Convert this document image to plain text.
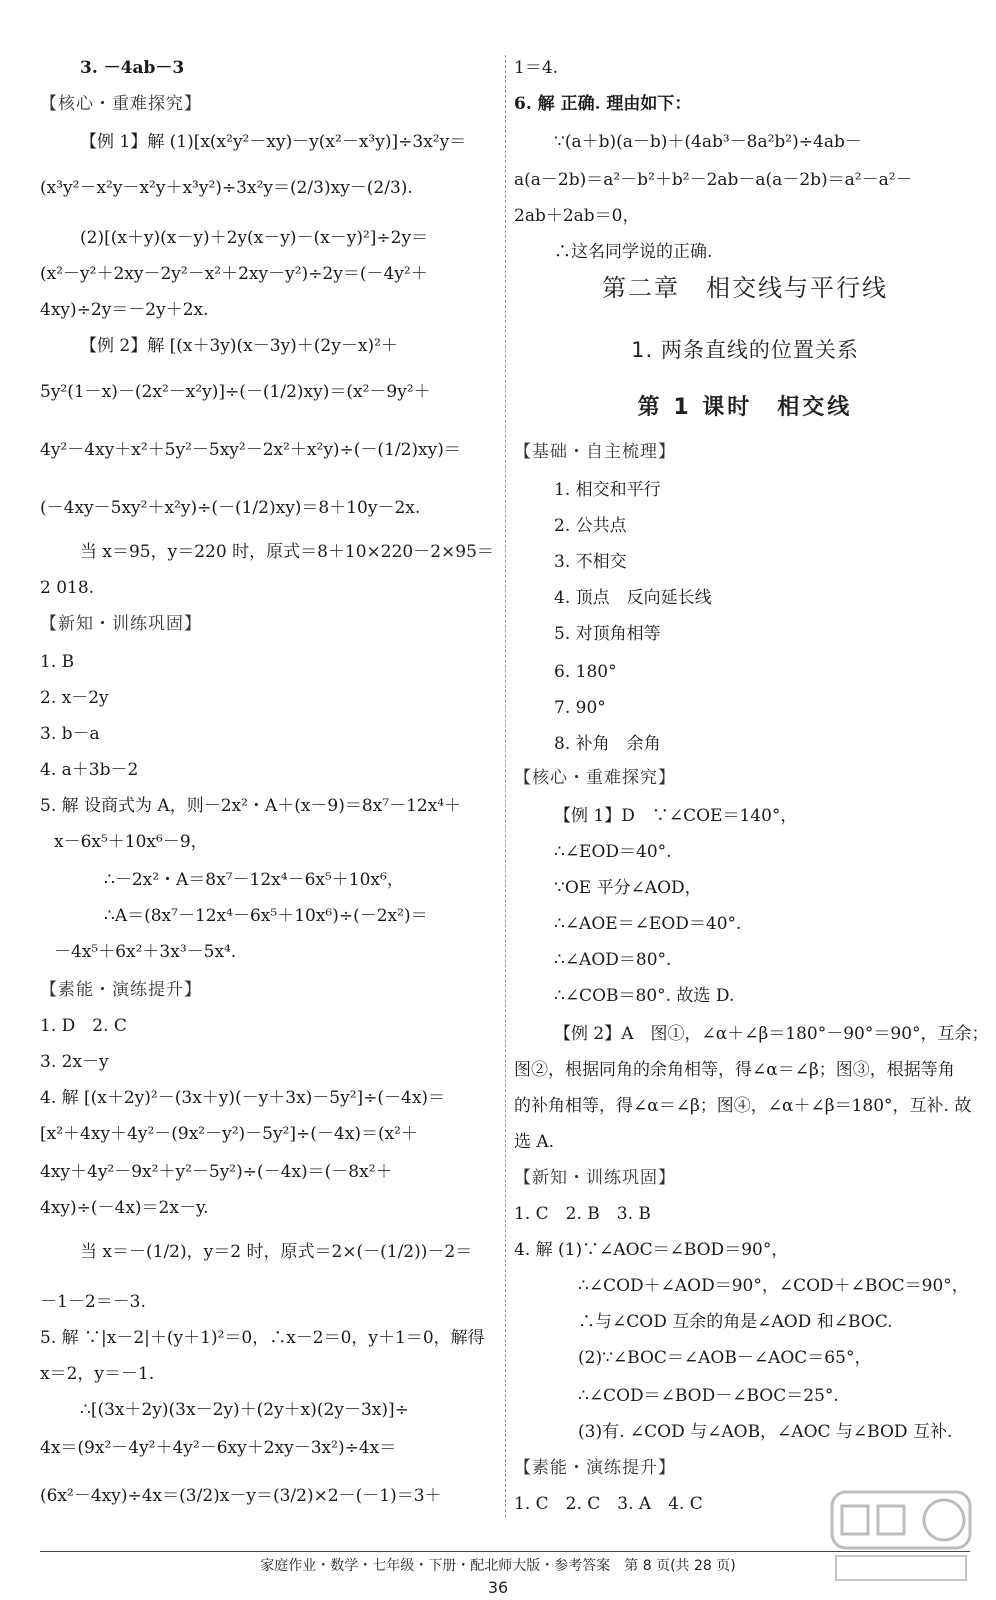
3. －4ab－3
【核心・重难探究】
【例 1】解 (1)[x(x²y²－xy)－y(x²－x³y)]÷3x²y＝
(x³y²－x²y－x²y＋x³y²)÷3x²y＝(2/3)xy－(2/3).
(2)[(x＋y)(x－y)＋2y(x－y)－(x－y)²]÷2y＝
(x²－y²＋2xy－2y²－x²＋2xy－y²)÷2y＝(－4y²＋
4xy)÷2y＝－2y＋2x.
【例 2】解 [(x＋3y)(x－3y)＋(2y－x)²＋
5y²(1－x)－(2x²－x²y)]÷(－(1/2)xy)＝(x²－9y²＋
4y²－4xy＋x²＋5y²－5xy²－2x²＋x²y)÷(－(1/2)xy)＝
(－4xy－5xy²＋x²y)÷(－(1/2)xy)＝8＋10y－2x.
当 x＝95，y＝220 时，原式＝8＋10×220－2×95＝
2 018.
【新知・训练巩固】
1. B
2. x－2y
3. b－a
4. a＋3b－2
5. 解 设商式为 A，则－2x²・A＋(x－9)＝8x⁷－12x⁴＋
x－6x⁵＋10x⁶－9，
∴－2x²・A＝8x⁷－12x⁴－6x⁵＋10x⁶，
∴A＝(8x⁷－12x⁴－6x⁵＋10x⁶)÷(－2x²)＝
－4x⁵＋6x²＋3x³－5x⁴.
【素能・演练提升】
1. D　2. C
3. 2x－y
4. 解 [(x＋2y)²－(3x＋y)(－y＋3x)－5y²]÷(－4x)＝
[x²＋4xy＋4y²－(9x²－y²)－5y²]÷(－4x)＝(x²＋
4xy＋4y²－9x²＋y²－5y²)÷(－4x)＝(－8x²＋
4xy)÷(－4x)＝2x－y.
当 x＝－(1/2)，y＝2 时，原式＝2×(－(1/2))－2＝
－1－2＝－3.
5. 解 ∵|x－2|＋(y＋1)²＝0，∴x－2＝0，y＋1＝0，解得
x＝2，y＝－1.
∴[(3x＋2y)(3x－2y)＋(2y＋x)(2y－3x)]÷
4x＝(9x²－4y²＋4y²－6xy＋2xy－3x²)÷4x＝
(6x²－4xy)÷4x＝(3/2)x－y＝(3/2)×2－(－1)＝3＋
1＝4.
6. 解 正确. 理由如下：
∵(a＋b)(a－b)＋(4ab³－8a²b²)÷4ab－
a(a－2b)＝a²－b²＋b²－2ab－a(a－2b)＝a²－a²－
2ab＋2ab＝0，
∴这名同学说的正确.
第二章　相交线与平行线
1. 两条直线的位置关系
第 1 课时　相交线
【基础・自主梳理】
1. 相交和平行
2. 公共点
3. 不相交
4. 顶点　反向延长线
5. 对顶角相等
6. 180°
7. 90°
8. 补角　余角
【核心・重难探究】
【例 1】D　∵∠COE＝140°，
∴∠EOD＝40°.
∵OE 平分∠AOD，
∴∠AOE＝∠EOD＝40°.
∴∠AOD＝80°.
∴∠COB＝80°. 故选 D.
【例 2】A　图①，∠α＋∠β＝180°－90°＝90°，互余；
图②，根据同角的余角相等，得∠α＝∠β；图③，根据等角
的补角相等，得∠α＝∠β；图④，∠α＋∠β＝180°，互补. 故
选 A.
【新知・训练巩固】
1. C　2. B　3. B
4. 解 (1)∵∠AOC＝∠BOD＝90°，
∴∠COD＋∠AOD＝90°，∠COD＋∠BOC＝90°，
∴与∠COD 互余的角是∠AOD 和∠BOC.
(2)∵∠BOC＝∠AOB－∠AOC＝65°，
∴∠COD＝∠BOD－∠BOC＝25°.
(3)有. ∠COD 与∠AOB，∠AOC 与∠BOD 互补.
【素能・演练提升】
1. C　2. C　3. A　4. C
家庭作业・数学・七年级・下册・配北师大版・参考答案　第 8 页(共 28 页)
36
